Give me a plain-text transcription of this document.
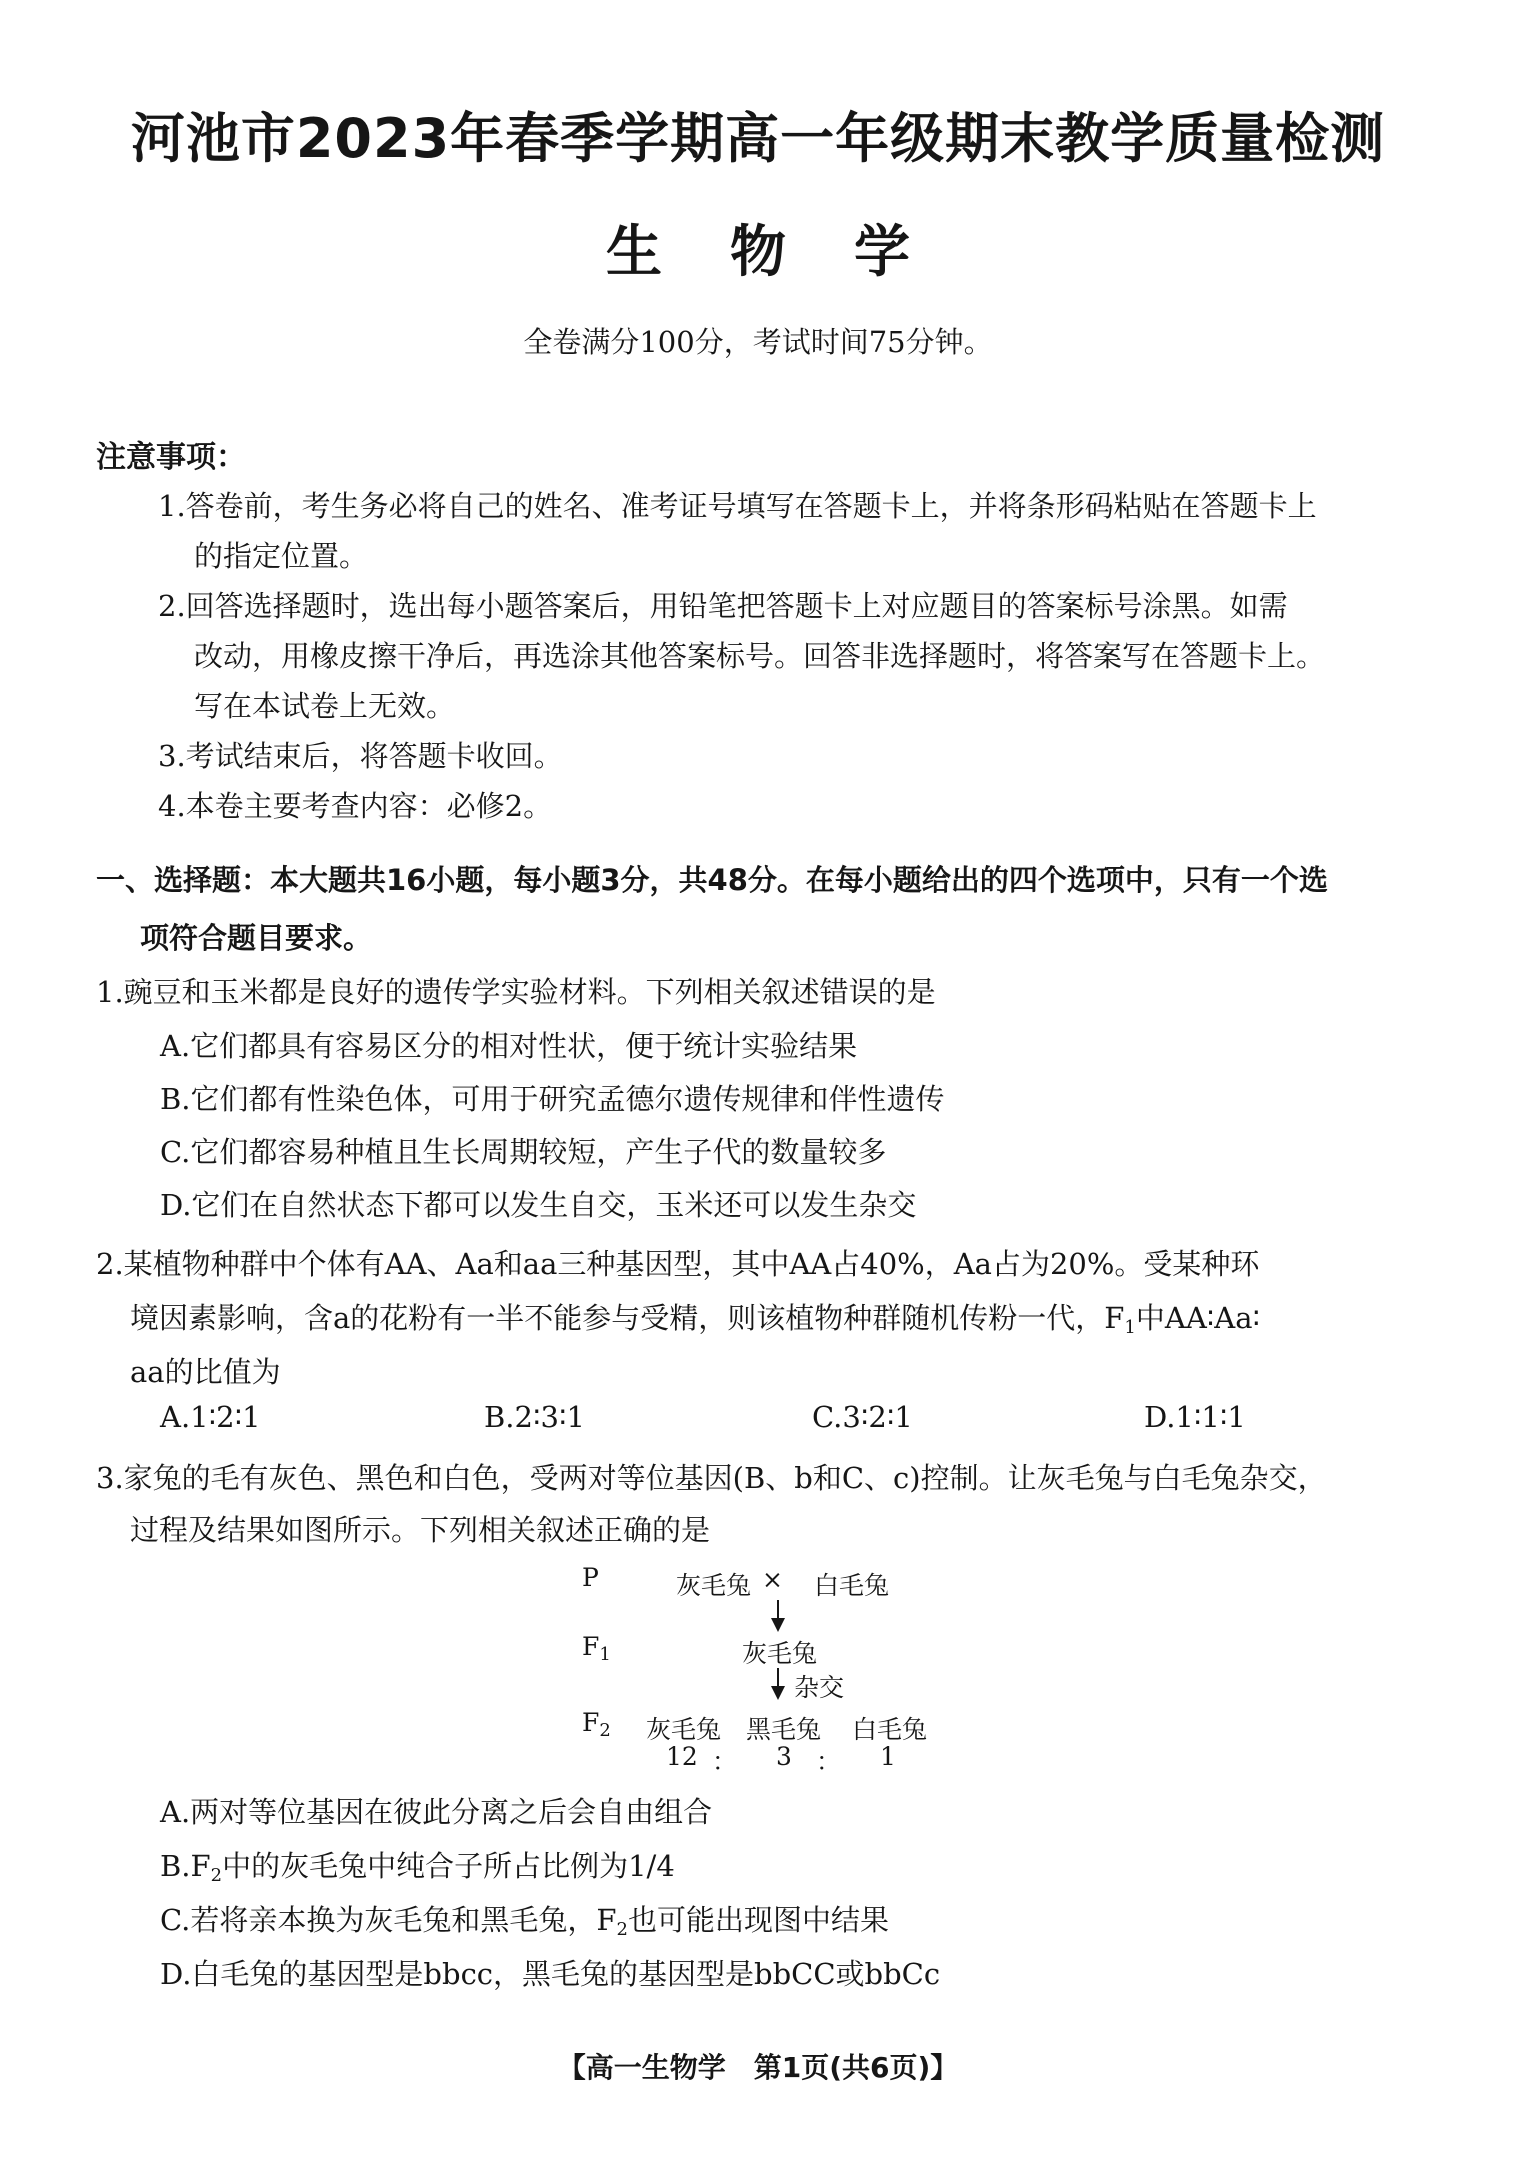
河池市2023年春季学期高一年级期末教学质量检测
生物学
全卷满分100分，考试时间75分钟。
注意事项：
1.答卷前，考生务必将自己的姓名、准考证号填写在答题卡上，并将条形码粘贴在答题卡上
的指定位置。
2.回答选择题时，选出每小题答案后，用铅笔把答题卡上对应题目的答案标号涂黑。如需
改动，用橡皮擦干净后，再选涂其他答案标号。回答非选择题时，将答案写在答题卡上。
写在本试卷上无效。
3.考试结束后，将答题卡收回。
4.本卷主要考查内容：必修2。
一、选择题：本大题共16小题，每小题3分，共48分。在每小题给出的四个选项中，只有一个选
项符合题目要求。
1.豌豆和玉米都是良好的遗传学实验材料。下列相关叙述错误的是
A.它们都具有容易区分的相对性状，便于统计实验结果
B.它们都有性染色体，可用于研究孟德尔遗传规律和伴性遗传
C.它们都容易种植且生长周期较短，产生子代的数量较多
D.它们在自然状态下都可以发生自交，玉米还可以发生杂交
2.某植物种群中个体有AA、Aa和aa三种基因型，其中AA占40%，Aa占为20%。受某种环
境因素影响，含a的花粉有一半不能参与受精，则该植物种群随机传粉一代，$F_1$中AA∶Aa∶
aa的比值为
A.1∶2∶1	B.2∶3∶1	C.3∶2∶1	D.1∶1∶1
3.家兔的毛有灰色、黑色和白色，受两对等位基因(B、b和C、c)控制。让灰毛兔与白毛兔杂交，
过程及结果如图所示。下列相关叙述正确的是
P	灰毛兔 × 白毛兔
$F_1$	灰毛兔
杂交
$F_2$ 灰毛兔 黑毛兔 白毛兔
12 ： 3 ： 1
A.两对等位基因在彼此分离之后会自由组合
$B.F_2$中的灰毛兔中纯合子所占比例为1/4
C.若将亲本换为灰毛兔和黑毛兔，$F_2$也可能出现图中结果
D.白毛兔的基因型是bbcc，黑毛兔的基因型是bbCC或bbCc
【高一生物学　第1页(共6页)】
